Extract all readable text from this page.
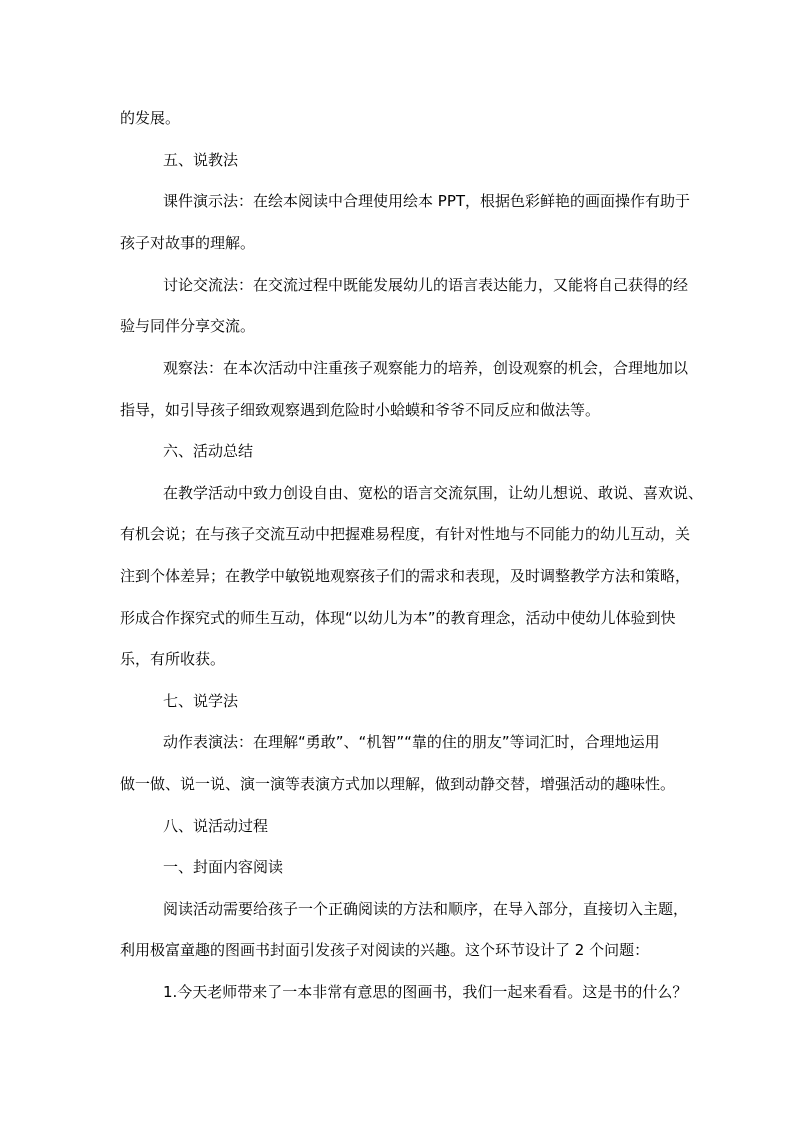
的发展。

五、说教法

课件演示法：在绘本阅读中合理使用绘本 PPT，根据色彩鲜艳的画面操作有助于

孩子对故事的理解。

讨论交流法：在交流过程中既能发展幼儿的语言表达能力，又能将自己获得的经

验与同伴分享交流。

观察法：在本次活动中注重孩子观察能力的培养，创设观察的机会，合理地加以

指导，如引导孩子细致观察遇到危险时小蛤蟆和爷爷不同反应和做法等。

六、活动总结

在教学活动中致力创设自由、宽松的语言交流氛围，让幼儿想说、敢说、喜欢说、

有机会说；在与孩子交流互动中把握难易程度，有针对性地与不同能力的幼儿互动，关

注到个体差异；在教学中敏锐地观察孩子们的需求和表现，及时调整教学方法和策略，

形成合作探究式的师生互动，体现“以幼儿为本”的教育理念，活动中使幼儿体验到快

乐，有所收获。

七、说学法

动作表演法：在理解“勇敢”、“机智”“靠的住的朋友”等词汇时，合理地运用

做一做、说一说、演一演等表演方式加以理解，做到动静交替，增强活动的趣味性。

八、说活动过程

一、封面内容阅读

阅读活动需要给孩子一个正确阅读的方法和顺序，在导入部分，直接切入主题，

利用极富童趣的图画书封面引发孩子对阅读的兴趣。这个环节设计了 2 个问题：

1.今天老师带来了一本非常有意思的图画书，我们一起来看看。这是书的什么？
